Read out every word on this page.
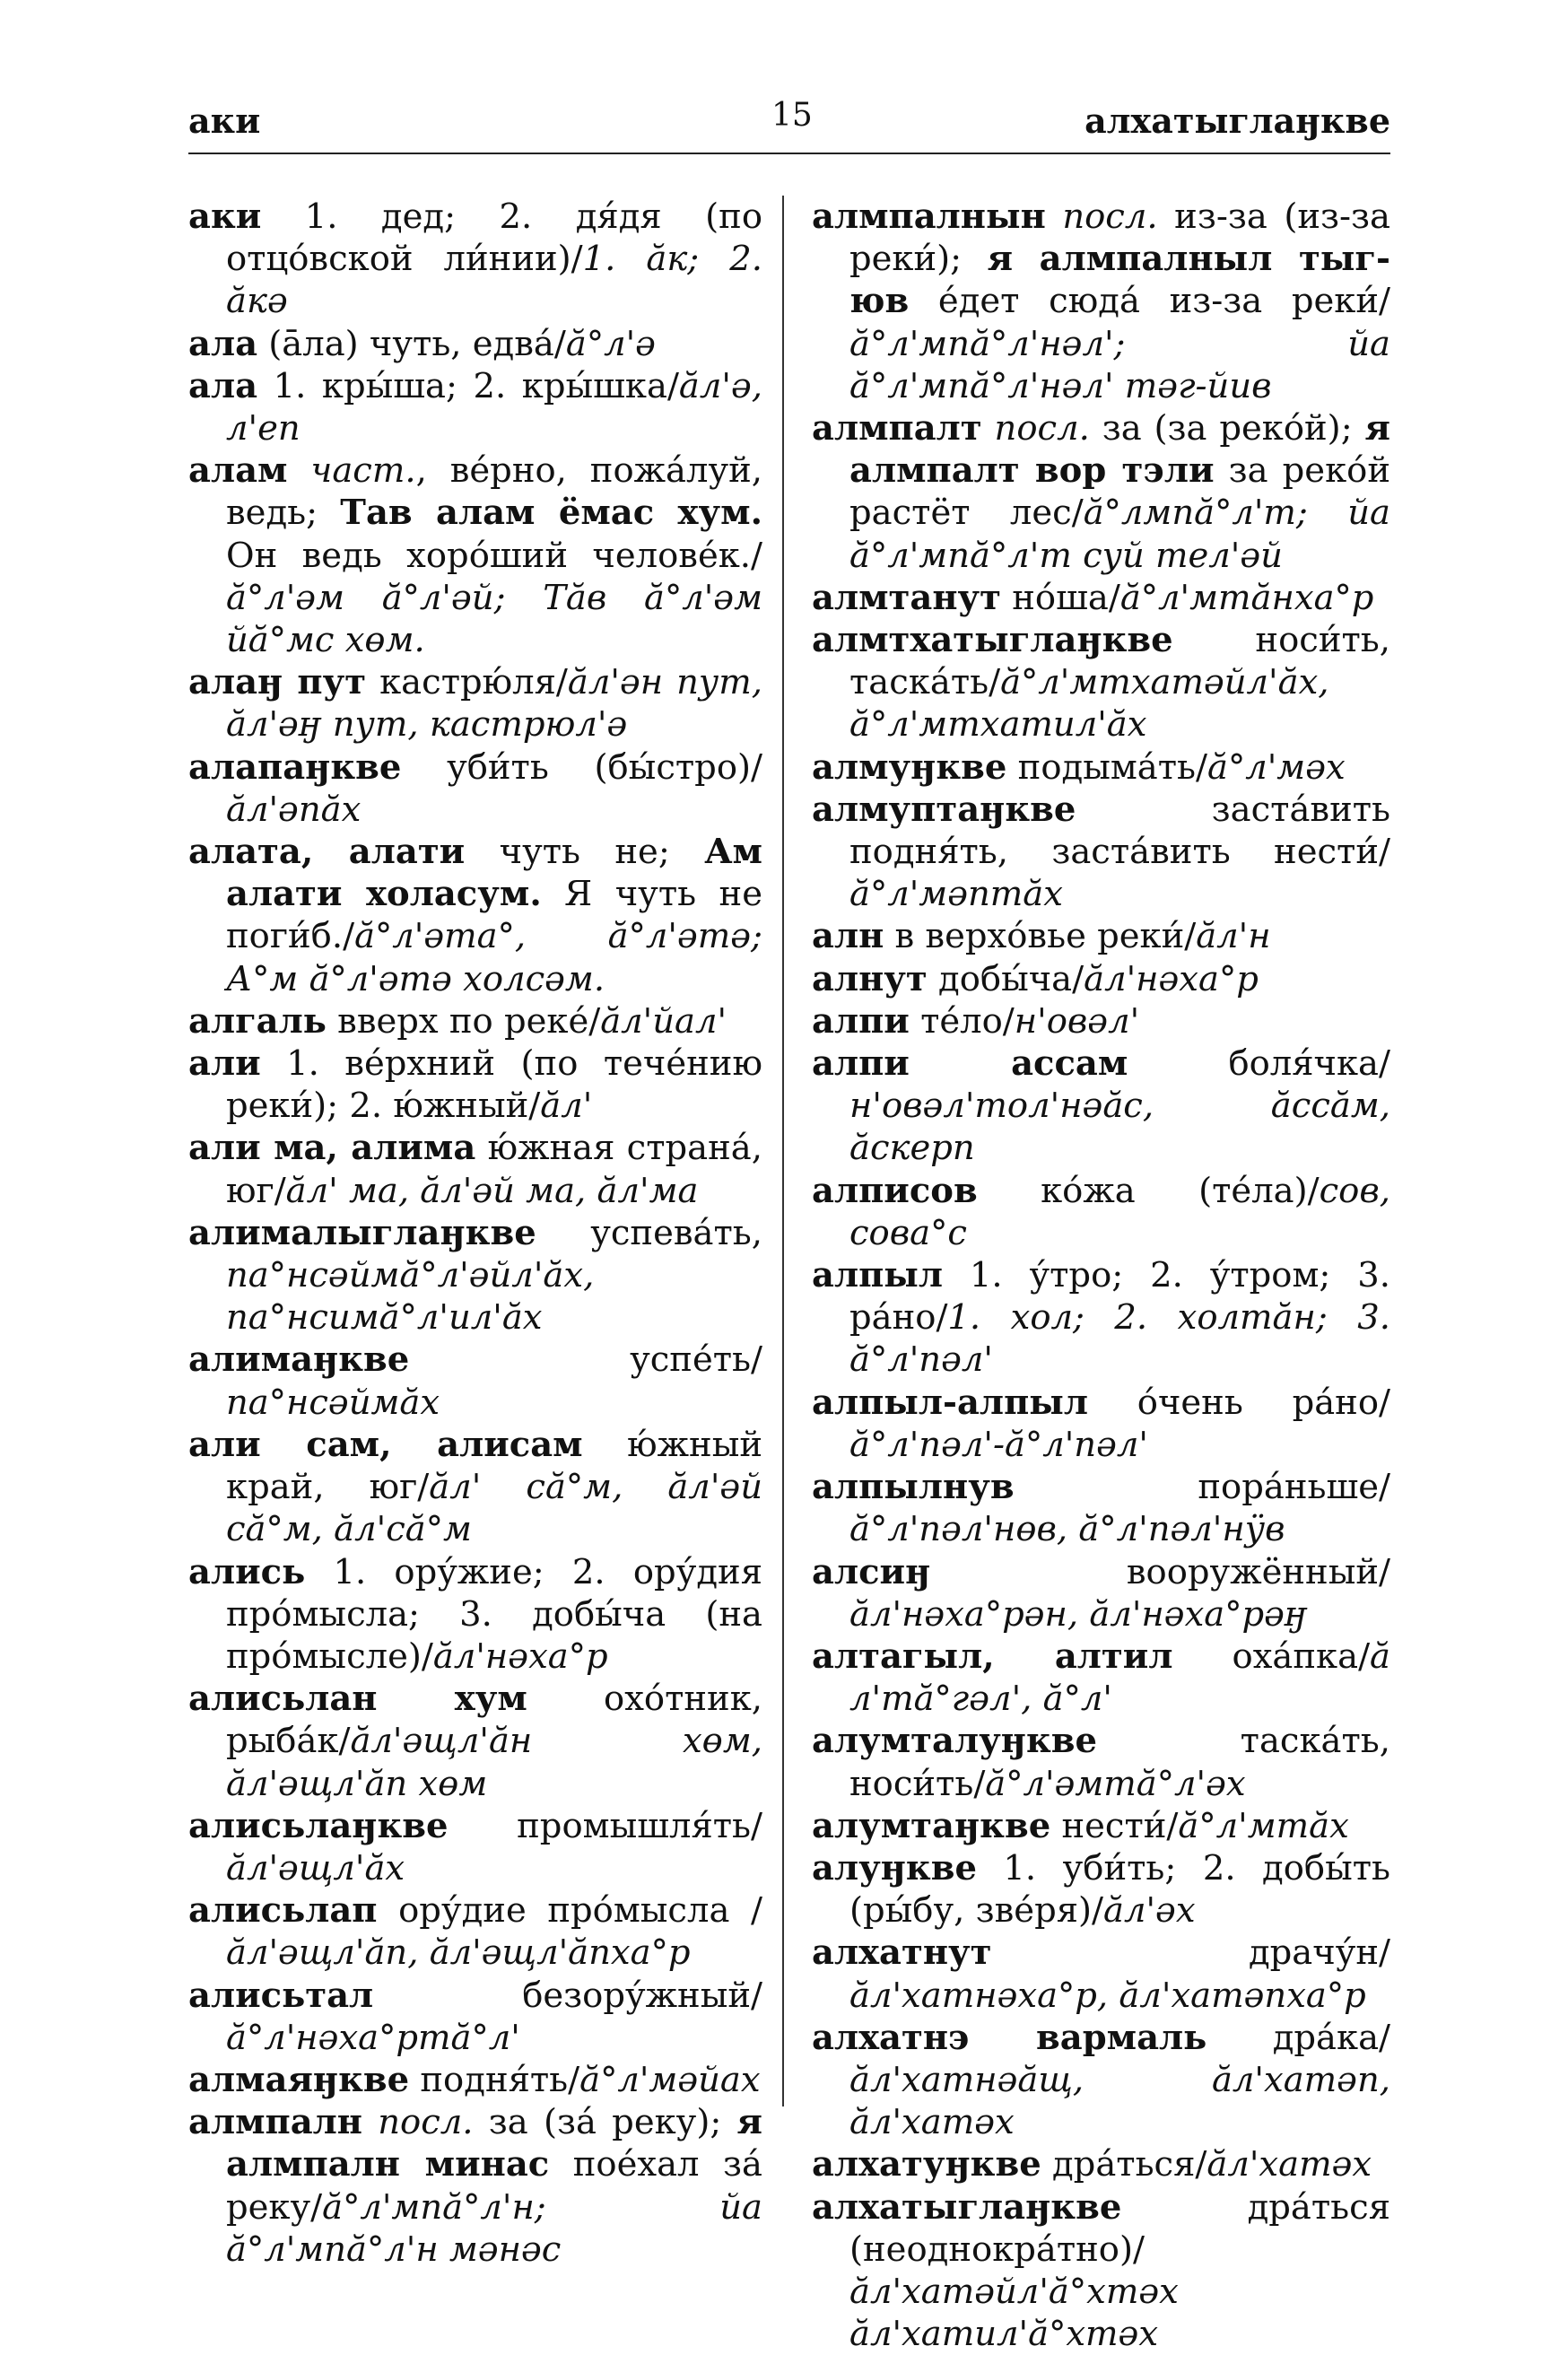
аки	15	алхатыглаӈкве

аки 1. дед; 2. дя́дя (по отцо́вской ли́нии)/1. ӑк; 2. ӑкә

ала (а̄ла) чуть, едва́/ӑ°л'ә

ала 1. кры́ша; 2. кры́шка/ӑл'ә, л'еп

алам част., ве́рно, пожа́луй, ведь; Тав алам ёмас хум. Он ведь хоро́ший челове́к./ӑ°л'әм ӑ°л'әй; Тӑв ӑ°л'әм йӑ°мс хөм.

алаӈ пут кастрю́ля/ӑл'ән пут, ӑл'әӈ пут, кастрюл'ә

алапаӈкве уби́ть (бы́стро)/ӑл'әпӑх

алата, алати чуть не; Ам алати холасум. Я чуть не поги́б./ӑ°л'әта°, ӑ°л'әтә; А°м ӑ°л'әтә холсәм.

алгаль вверх по реке́/ӑл'йал'

али 1. ве́рхний (по тече́нию реки́); 2. ю́жный/ӑл'

али ма, алима ю́жная страна́, юг/ӑл' ма, ӑл'әй ма, ӑл'ма

алималыглаӈкве успева́ть, па°нсәймӑ°л'әйл'ӑх, па°нсимӑ°л'ил'ӑх

алимаӈкве успе́ть/па°нсәймӑх

али сам, алисам ю́жный край, юг/ӑл' сӑ°м, ӑл'әй сӑ°м, ӑл'сӑ°м

ались 1. ору́жие; 2. ору́дия про́мысла; 3. добы́ча (на про́мысле)/ӑл'нәха°р

алисьлан хум охо́тник, рыба́к/ӑл'әщл'ӑн хөм, ӑл'әщл'ӑп хөм

алисьлаӈкве промышля́ть/ӑл'әщл'ӑх

алисьлап ору́дие про́мысла /ӑл'әщл'ӑп, ӑл'әщл'ӑпха°р

алисьтал безору́жный/ӑ°л'нәха°ртӑ°л'

алмаяӈкве подня́ть/ӑ°л'мәйах

алмпалн посл. за (за́ реку); я алмпалн минас пое́хал за́ реку/ӑ°л'мпӑ°л'н; йа ӑ°л'мпӑ°л'н мәнәс

алмпалнын посл. из-за (из-за реки́); я алмпалныл тыг-юв е́дет сюда́ из-за реки́/ӑ°л'мпӑ°л'нәл'; йа ӑ°л'мпӑ°л'нәл' тәг-йив

алмпалт посл. за (за реко́й); я алмпалт вор тэли за реко́й растёт лес/ӑ°лмпӑ°л'т; йа ӑ°л'мпӑ°л'т суй тел'әй

алмтанут но́ша/ӑ°л'мтӑнха°р

алмтхатыглаӈкве носи́ть, таска́ть/ӑ°л'мтхатәйл'ӑх, ӑ°л'мтхатил'ӑх

алмуӈкве подыма́ть/ӑ°л'мәх

алмуптаӈкве заста́вить подня́ть, заста́вить нести́/ӑ°л'мәптӑх

алн в верхо́вье реки́/ӑл'н

алнут добы́ча/ӑл'нәха°р

алпи те́ло/н'овәл'

алпи ассам боля́чка/н'овәл'тол'нәӑс, ӑссӑм, ӑскерп

алписов ко́жа (те́ла)/сов, сова°с

алпыл 1. у́тро; 2. у́тром; 3. ра́но/1. хол; 2. холтӑн; 3. ӑ°л'пәл'

алпыл-алпыл о́чень ра́но/ӑ°л'пәл'-ӑ°л'пәл'

алпылнув пора́ньше/ӑ°л'пәл'нөв, ӑ°л'пәл'нӱв

алсиӈ вооружённый/ӑл'нәха°рән, ӑл'нәха°рәӈ

алтагыл, алтил оха́пка/ӑ л'тӑ°гәл', ӑ°л'

алумталуӈкве таска́ть, носи́ть/ӑ°л'әмтӑ°л'әх

алумтаӈкве нести́/ӑ°л'мтӑх

алуӈкве 1. уби́ть; 2. добы́ть (ры́бу, зве́ря)/ӑл'әх

алхатнут драчу́н/ӑл'хатнәха°р, ӑл'хатәпха°р

алхатнэ вармаль дра́ка/ӑл'хатнәӑщ, ӑл'хатәп, ӑл'хатәх

алхатуӈкве дра́ться/ӑл'хатәх

алхатыглаӈкве дра́ться (неоднокра́тно)/ӑл'хатәйл'ӑ°хтәх ӑл'хатил'ӑ°хтәх
